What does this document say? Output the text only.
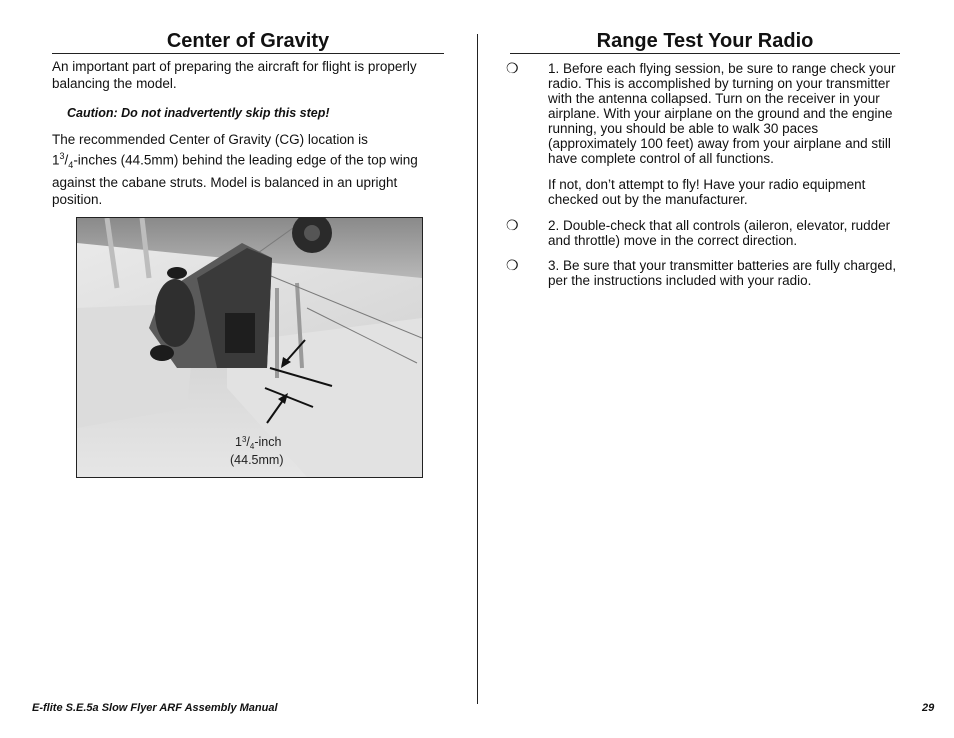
Center of Gravity	Range Test Your Radio

An important part of preparing the aircraft for flight is properly balancing the model.

Caution: Do not inadvertently skip this step!

The recommended Center of Gravity (CG) location is
$1^3/_4$-inches (44.5mm) behind the leading edge of the top wing against the cabane struts. Model is balanced in an upright position.

$1^3/_4$-inch
(44.5mm)
❍ 1. Before each flying session, be sure to range check your radio. This is accomplished by turning on your transmitter with the antenna collapsed. Turn on the receiver in your airplane. With your airplane on the ground and the engine running, you should be able to walk 30 paces (approximately 100 feet) away from your airplane and still have complete control of all functions.

If not, don’t attempt to fly! Have your radio equipment checked out by the manufacturer.

❍ 2. Double-check that all controls (aileron, elevator, rudder and throttle) move in the correct direction.

❍ 3. Be sure that your transmitter batteries are fully charged, per the instructions included with your radio.

E-flite S.E.5a Slow Flyer ARF Assembly Manual	29
